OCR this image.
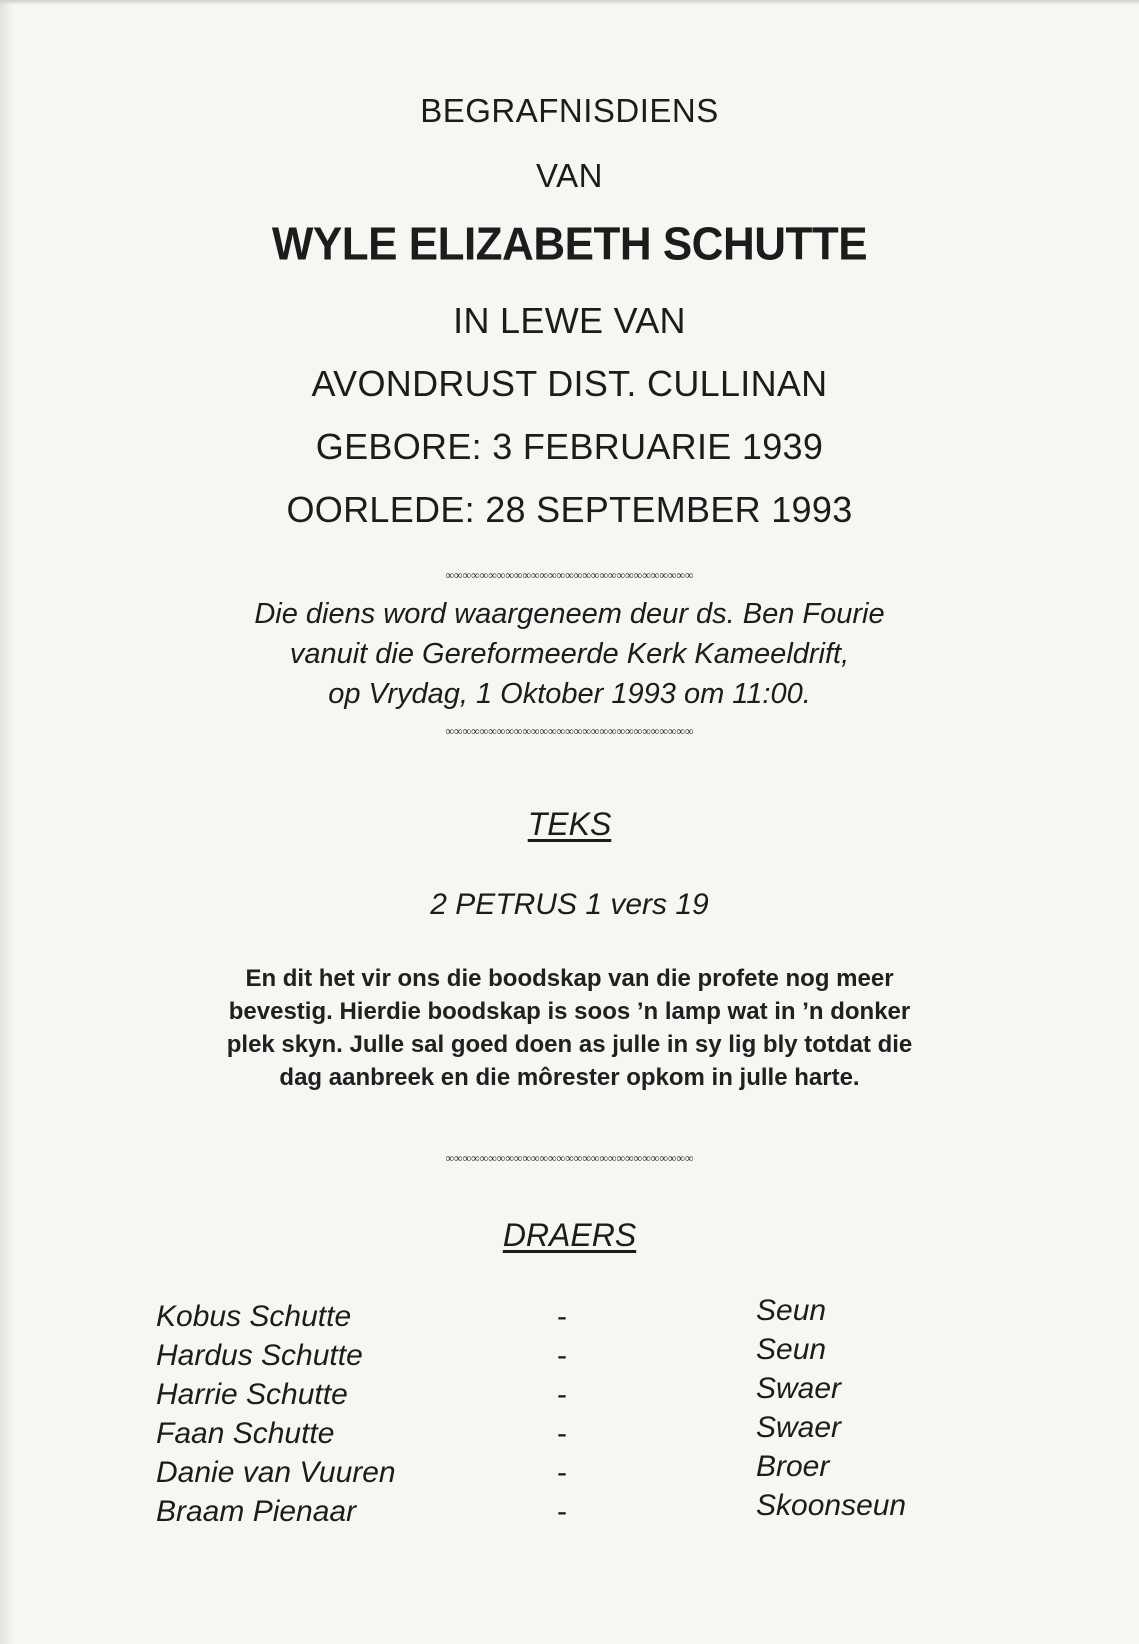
BEGRAFNISDIENS
VAN
WYLE ELIZABETH SCHUTTE
IN LEWE VAN
AVONDRUST DIST. CULLINAN
GEBORE: 3 FEBRUARIE 1939
OORLEDE: 28 SEPTEMBER 1993
∞∞∞∞∞∞∞∞∞∞∞∞∞∞∞∞∞∞∞∞∞∞∞∞∞∞∞∞∞
Die diens word waargeneem deur ds. Ben Fourie
vanuit die Gereformeerde Kerk Kameeldrift,
op Vrydag, 1 Oktober 1993 om 11:00.
∞∞∞∞∞∞∞∞∞∞∞∞∞∞∞∞∞∞∞∞∞∞∞∞∞∞∞∞∞
TEKS
2 PETRUS 1 vers 19
En dit het vir ons die boodskap van die profete nog meer
bevestig. Hierdie boodskap is soos ’n lamp wat in ’n donker
plek skyn. Julle sal goed doen as julle in sy lig bly totdat die
dag aanbreek en die môrester opkom in julle harte.
∞∞∞∞∞∞∞∞∞∞∞∞∞∞∞∞∞∞∞∞∞∞∞∞∞∞∞∞∞
DRAERS
Kobus Schutte	-	Seun
Hardus Schutte	-	Seun
Harrie Schutte	-	Swaer
Faan Schutte	-	Swaer
Danie van Vuuren	-	Broer
Braam Pienaar	-	Skoonseun
